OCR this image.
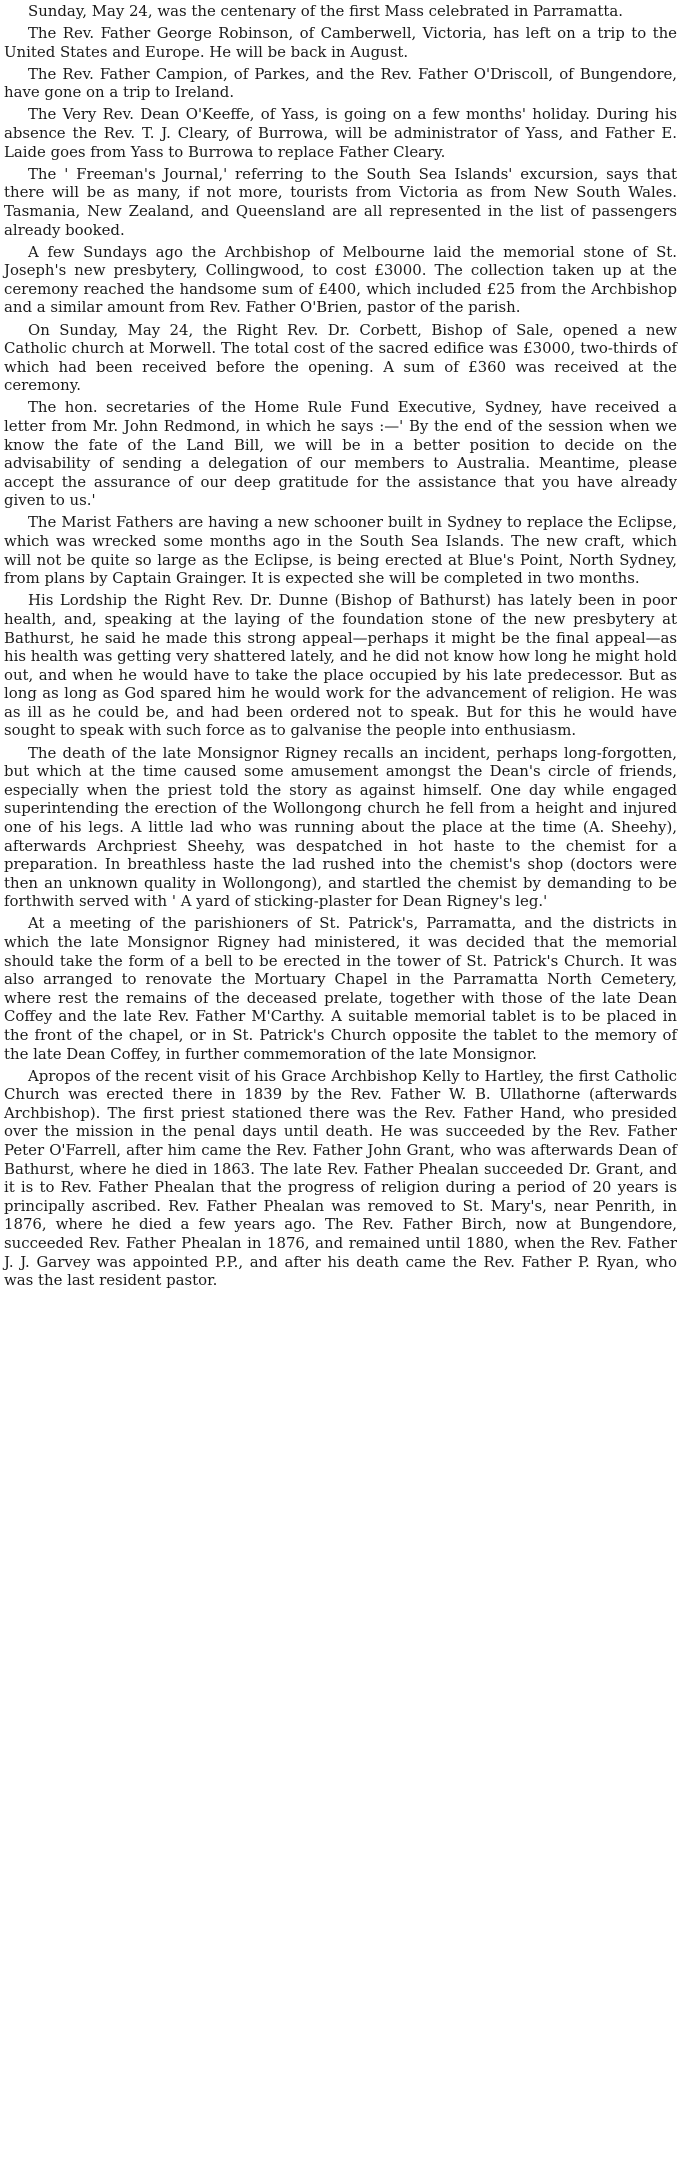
Sunday, May 24, was the centenary of the first Mass celebrated in Parramatta.

The Rev. Father George Robinson, of Camberwell, Victoria, has left on a trip to the United States and Europe. He will be back in August.

The Rev. Father Campion, of Parkes, and the Rev. Father O'Driscoll, of Bungendore, have gone on a trip to Ireland.

The Very Rev. Dean O'Keeffe, of Yass, is going on a few months' holiday. During his absence the Rev. T. J. Cleary, of Burrowa, will be administrator of Yass, and Father E. Laide goes from Yass to Burrowa to replace Father Cleary.

The ' Freeman's Journal,' referring to the South Sea Islands' excursion, says that there will be as many, if not more, tourists from Victoria as from New South Wales. Tasmania, New Zealand, and Queensland are all represented in the list of passengers already booked.

A few Sundays ago the Archbishop of Melbourne laid the memorial stone of St. Joseph's new presbytery, Collingwood, to cost £3000. The collection taken up at the ceremony reached the handsome sum of £400, which included £25 from the Archbishop and a similar amount from Rev. Father O'Brien, pastor of the parish.

On Sunday, May 24, the Right Rev. Dr. Corbett, Bishop of Sale, opened a new Catholic church at Morwell. The total cost of the sacred edifice was £3000, two-thirds of which had been received before the opening. A sum of £360 was received at the ceremony.

The hon. secretaries of the Home Rule Fund Executive, Sydney, have received a letter from Mr. John Redmond, in which he says :—' By the end of the session when we know the fate of the Land Bill, we will be in a better position to decide on the advisability of sending a delegation of our members to Australia. Meantime, please accept the assurance of our deep gratitude for the assistance that you have already given to us.'

The Marist Fathers are having a new schooner built in Sydney to replace the Eclipse, which was wrecked some months ago in the South Sea Islands. The new craft, which will not be quite so large as the Eclipse, is being erected at Blue's Point, North Sydney, from plans by Captain Grainger. It is expected she will be completed in two months.

His Lordship the Right Rev. Dr. Dunne (Bishop of Bathurst) has lately been in poor health, and, speaking at the laying of the foundation stone of the new presbytery at Bathurst, he said he made this strong appeal—perhaps it might be the final appeal—as his health was getting very shattered lately, and he did not know how long he might hold out, and when he would have to take the place occupied by his late predecessor. But as long as long as God spared him he would work for the advancement of religion. He was as ill as he could be, and had been ordered not to speak. But for this he would have sought to speak with such force as to galvanise the people into enthusiasm.

The death of the late Monsignor Rigney recalls an incident, perhaps long-forgotten, but which at the time caused some amusement amongst the Dean's circle of friends, especially when the priest told the story as against himself. One day while engaged superintending the erection of the Wollongong church he fell from a height and injured one of his legs. A little lad who was running about the place at the time (A. Sheehy), afterwards Archpriest Sheehy, was despatched in hot haste to the chemist for a preparation. In breathless haste the lad rushed into the chemist's shop (doctors were then an unknown quality in Wollongong), and startled the chemist by demanding to be forthwith served with ' A yard of sticking-plaster for Dean Rigney's leg.'

At a meeting of the parishioners of St. Patrick's, Parramatta, and the districts in which the late Monsignor Rigney had ministered, it was decided that the memorial should take the form of a bell to be erected in the tower of St. Patrick's Church. It was also arranged to renovate the Mortuary Chapel in the Parramatta North Cemetery, where rest the remains of the deceased prelate, together with those of the late Dean Coffey and the late Rev. Father M'Carthy. A suitable memorial tablet is to be placed in the front of the chapel, or in St. Patrick's Church opposite the tablet to the memory of the late Dean Coffey, in further commemoration of the late Monsignor.

Apropos of the recent visit of his Grace Archbishop Kelly to Hartley, the first Catholic Church was erected there in 1839 by the Rev. Father W. B. Ullathorne (afterwards Archbishop). The first priest stationed there was the Rev. Father Hand, who presided over the mission in the penal days until death. He was succeeded by the Rev. Father Peter O'Farrell, after him came the Rev. Father John Grant, who was afterwards Dean of Bathurst, where he died in 1863. The late Rev. Father Phealan succeeded Dr. Grant, and it is to Rev. Father Phealan that the progress of religion during a period of 20 years is principally ascribed. Rev. Father Phealan was removed to St. Mary's, near Penrith, in 1876, where he died a few years ago. The Rev. Father Birch, now at Bungendore, succeeded Rev. Father Phealan in 1876, and remained until 1880, when the Rev. Father J. J. Garvey was appointed P.P., and after his death came the Rev. Father P. Ryan, who was the last resident pastor.
